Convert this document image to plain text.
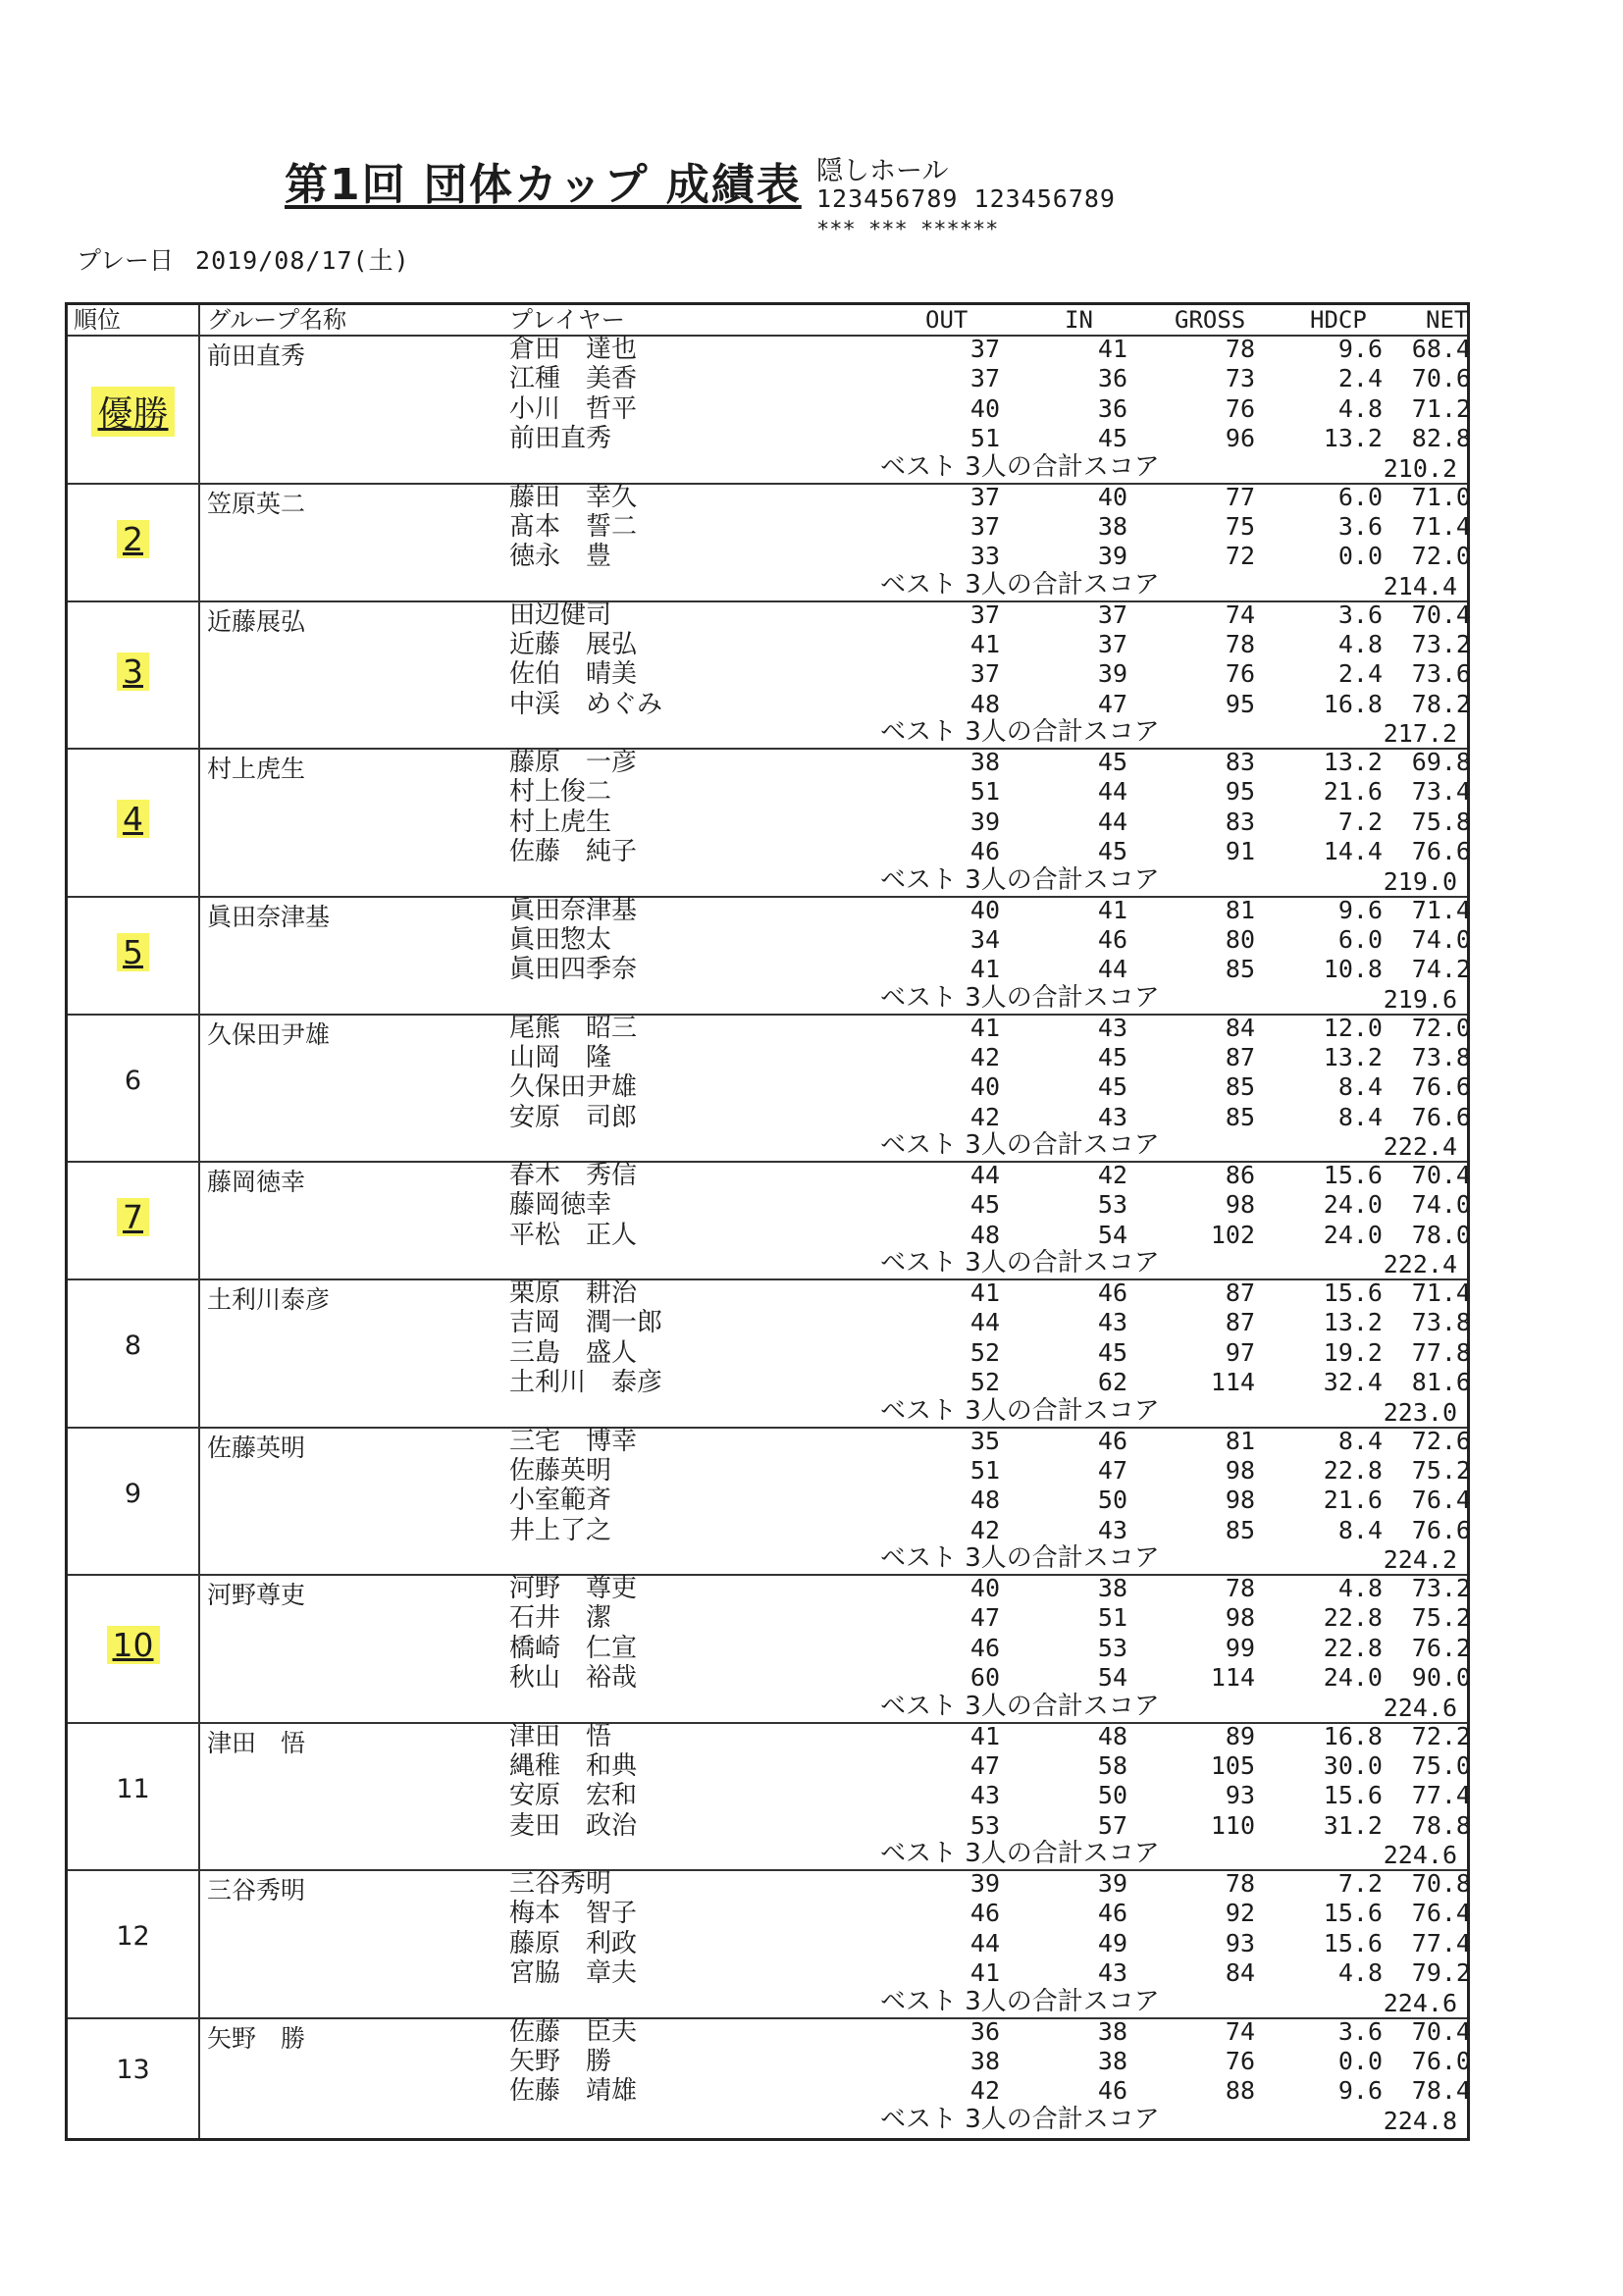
第1回 団体カップ 成績表 隠しホール
123456789 123456789
*** *** ******
プレー日 2019/08/17(土)
順位	グループ名称	プレイヤー	OUT	IN	GROSS	HDCP	NET
優勝
前田直秀	倉田　達也	37	41	78	9.6	68.4
江種　美香	37	36	73	2.4	70.6
小川　哲平	40	36	76	4.8	71.2
前田直秀	51	45	96	13.2	82.8
ベスト 3人の合計スコア	210.2
2
笠原英二	藤田　幸久	37	40	77	6.0	71.0
髙本　誓二	37	38	75	3.6	71.4
徳永　豊	33	39	72	0.0	72.0
ベスト 3人の合計スコア	214.4
3
近藤展弘	田辺健司	37	37	74	3.6	70.4
近藤　展弘	41	37	78	4.8	73.2
佐伯　晴美	37	39	76	2.4	73.6
中渓　めぐみ	48	47	95	16.8	78.2
ベスト 3人の合計スコア	217.2
4
村上虎生	藤原　一彦	38	45	83	13.2	69.8
村上俊二	51	44	95	21.6	73.4
村上虎生	39	44	83	7.2	75.8
佐藤　純子	46	45	91	14.4	76.6
ベスト 3人の合計スコア	219.0
5
眞田奈津基	眞田奈津基	40	41	81	9.6	71.4
眞田惣太	34	46	80	6.0	74.0
眞田四季奈	41	44	85	10.8	74.2
ベスト 3人の合計スコア	219.6
6
久保田尹雄	尾熊　昭三	41	43	84	12.0	72.0
山岡　隆	42	45	87	13.2	73.8
久保田尹雄	40	45	85	8.4	76.6
安原　司郎	42	43	85	8.4	76.6
ベスト 3人の合計スコア	222.4
7
藤岡徳幸	春木　秀信	44	42	86	15.6	70.4
藤岡徳幸	45	53	98	24.0	74.0
平松　正人	48	54	102	24.0	78.0
ベスト 3人の合計スコア	222.4
8
土利川泰彦	栗原　耕治	41	46	87	15.6	71.4
吉岡　潤一郎	44	43	87	13.2	73.8
三島　盛人	52	45	97	19.2	77.8
土利川　泰彦	52	62	114	32.4	81.6
ベスト 3人の合計スコア	223.0
9
佐藤英明	三宅　博幸	35	46	81	8.4	72.6
佐藤英明	51	47	98	22.8	75.2
小室範斉	48	50	98	21.6	76.4
井上了之	42	43	85	8.4	76.6
ベスト 3人の合計スコア	224.2
10
河野尊吏	河野　尊吏	40	38	78	4.8	73.2
石井　潔	47	51	98	22.8	75.2
橋崎　仁宣	46	53	99	22.8	76.2
秋山　裕哉	60	54	114	24.0	90.0
ベスト 3人の合計スコア	224.6
11
津田　悟	津田　悟	41	48	89	16.8	72.2
縄稚　和典	47	58	105	30.0	75.0
安原　宏和	43	50	93	15.6	77.4
麦田　政治	53	57	110	31.2	78.8
ベスト 3人の合計スコア	224.6
12
三谷秀明	三谷秀明	39	39	78	7.2	70.8
梅本　智子	46	46	92	15.6	76.4
藤原　利政	44	49	93	15.6	77.4
宮脇　章夫	41	43	84	4.8	79.2
ベスト 3人の合計スコア	224.6
13
矢野　勝	佐藤　臣夫	36	38	74	3.6	70.4
矢野　勝	38	38	76	0.0	76.0
佐藤　靖雄	42	46	88	9.6	78.4
ベスト 3人の合計スコア	224.8
